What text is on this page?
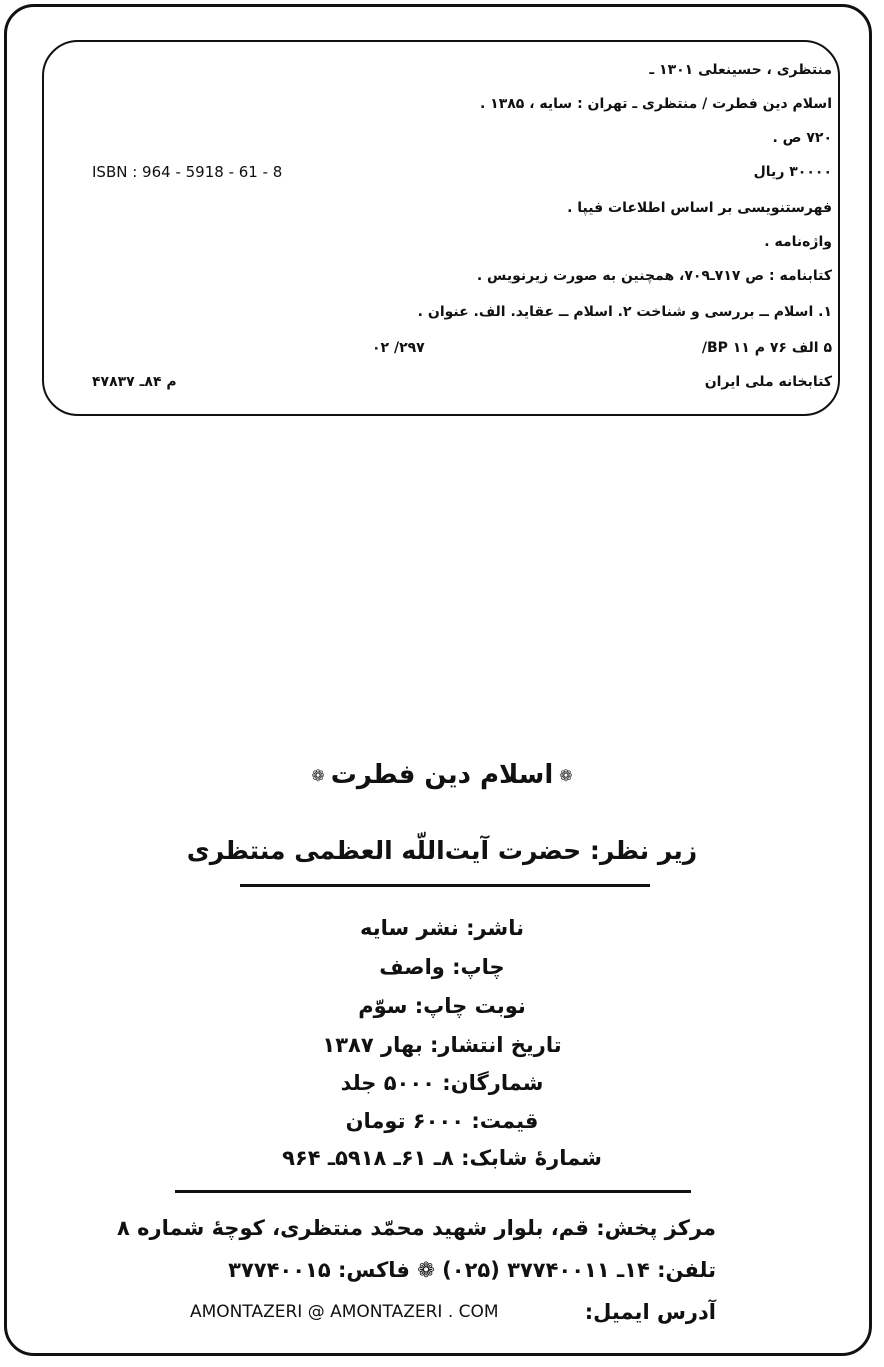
منتظری ، حسینعلی ۱۳۰۱ ـ
اسلام دین فطرت / منتظری ـ تهران : سایه ، ۱۳۸۵ .
۷۲۰ ص .
۳۰۰۰۰ ریال
ISBN : 964 - 5918 - 61 - 8
فهرستنویسی بر اساس اطلاعات فیپا .
واژه‌نامه .
کتابنامه : ص ۷۱۷ـ۷۰۹، همچنین به صورت زیرنویس .
۱. اسلام ــ بررسی و شناخت ۲. اسلام ــ عقاید. الف. عنوان .
۵ الف ۷۶ م BP ۱۱/
۲۹۷/ ۰۲
کتابخانه ملی ایران
م ۸۴ـ ۴۷۸۳۷
❁اسلام دین فطرت❁
زیر نظر: حضرت آیت‌اللّه العظمی منتظری
ناشر: نشر سایه
چاپ: واصف
نوبت چاپ: سوّم
تاریخ انتشار: بهار ۱۳۸۷
شمارگان: ۵۰۰۰ جلد
قیمت: ۶۰۰۰ تومان
شمارهٔ شابک: ۸ـ ۶۱ـ ۵۹۱۸ـ ۹۶۴
مرکز پخش: قم، بلوار شهید محمّد منتظری، کوچهٔ شماره ۸
تلفن: ۱۴ـ ۳۷۷۴۰۰۱۱ (۰۲۵) ❁ فاکس: ۳۷۷۴۰۰۱۵
آدرس ایمیل:
AMONTAZERI @ AMONTAZERI . COM
